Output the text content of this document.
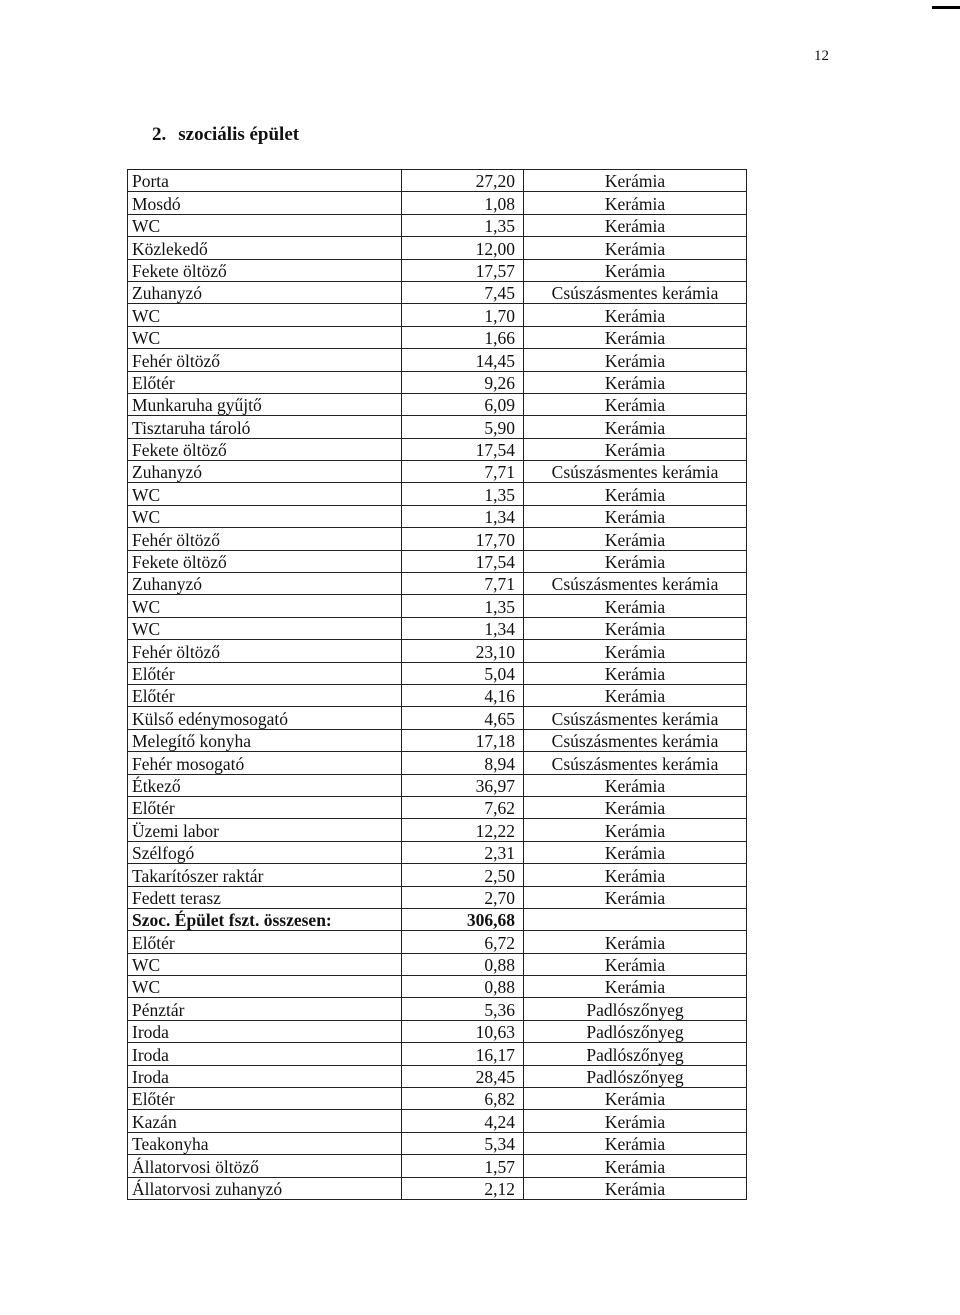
12
2. szociális épület
Porta	27,20	Kerámia
Mosdó	1,08	Kerámia
WC	1,35	Kerámia
Közlekedő	12,00	Kerámia
Fekete öltöző	17,57	Kerámia
Zuhanyzó	7,45	Csúszásmentes kerámia
WC	1,70	Kerámia
WC	1,66	Kerámia
Fehér öltöző	14,45	Kerámia
Előtér	9,26	Kerámia
Munkaruha gyűjtő	6,09	Kerámia
Tisztaruha tároló	5,90	Kerámia
Fekete öltöző	17,54	Kerámia
Zuhanyzó	7,71	Csúszásmentes kerámia
WC	1,35	Kerámia
WC	1,34	Kerámia
Fehér öltöző	17,70	Kerámia
Fekete öltöző	17,54	Kerámia
Zuhanyzó	7,71	Csúszásmentes kerámia
WC	1,35	Kerámia
WC	1,34	Kerámia
Fehér öltöző	23,10	Kerámia
Előtér	5,04	Kerámia
Előtér	4,16	Kerámia
Külső edénymosogató	4,65	Csúszásmentes kerámia
Melegítő konyha	17,18	Csúszásmentes kerámia
Fehér mosogató	8,94	Csúszásmentes kerámia
Étkező	36,97	Kerámia
Előtér	7,62	Kerámia
Üzemi labor	12,22	Kerámia
Szélfogó	2,31	Kerámia
Takarítószer raktár	2,50	Kerámia
Fedett terasz	2,70	Kerámia
Szoc. Épület fszt. összesen:	306,68	
Előtér	6,72	Kerámia
WC	0,88	Kerámia
WC	0,88	Kerámia
Pénztár	5,36	Padlószőnyeg
Iroda	10,63	Padlószőnyeg
Iroda	16,17	Padlószőnyeg
Iroda	28,45	Padlószőnyeg
Előtér	6,82	Kerámia
Kazán	4,24	Kerámia
Teakonyha	5,34	Kerámia
Állatorvosi öltöző	1,57	Kerámia
Állatorvosi zuhanyzó	2,12	Kerámia
